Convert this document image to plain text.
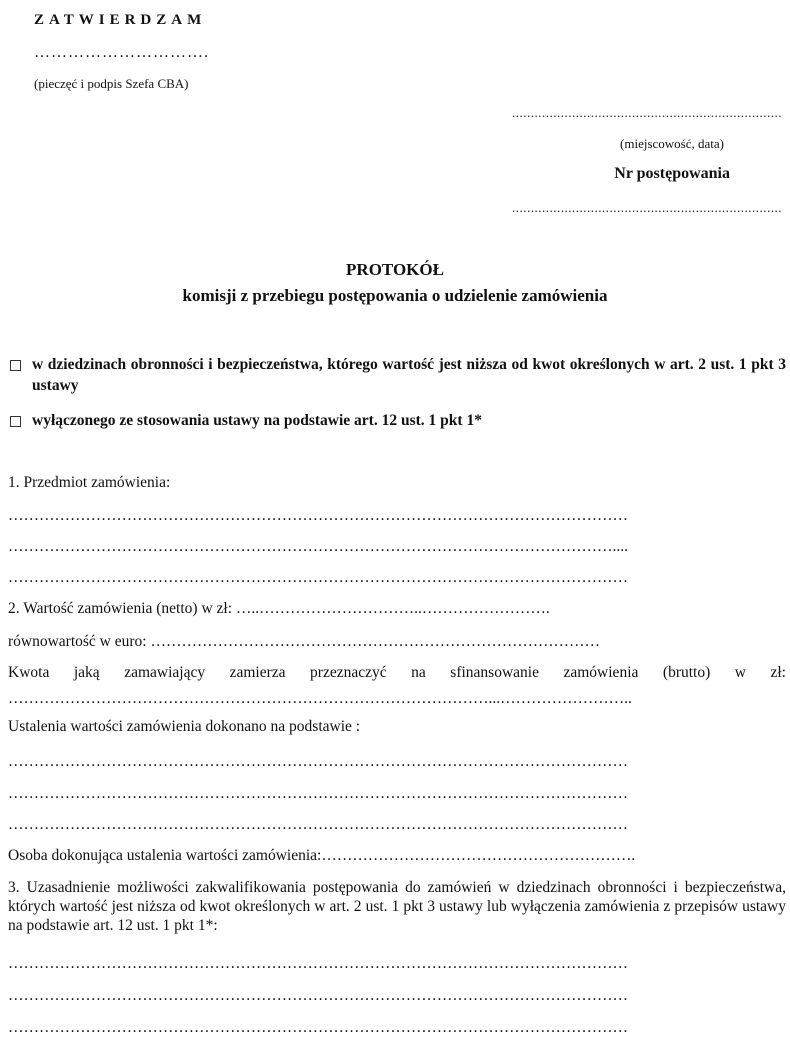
ZATWIERDZAM
………………………….
(pieczęć i podpis Szefa CBA)
........................................................................
(miejscowość, data)
Nr postępowania
........................................................................
PROTOKÓŁ
komisji z przebiegu postępowania o udzielenie zamówienia
w dziedzinach obronności i bezpieczeństwa, którego wartość jest niższa od kwot określonych w art. 2 ust. 1 pkt 3 ustawy
wyłączonego ze stosowania ustawy na podstawie art. 12 ust. 1 pkt 1*
1. Przedmiot zamówienia:
…………………………………………………………………………………………………………
………………………………………………………………………………………………………....
…………………………………………………………………………………………………………
2. Wartość zamówienia (netto) w zł: …..…………………………..…………………….
równowartość w euro: ……………………………………………………………………………
Kwota jaką zamawiający zamierza przeznaczyć na sfinansowanie zamówienia (brutto) w zł:
…………………………………………………………………………………...……………………..
Ustalenia wartości zamówienia dokonano na podstawie :
…………………………………………………………………………………………………………
…………………………………………………………………………………………………………
…………………………………………………………………………………………………………
Osoba dokonująca ustalenia wartości zamówienia:…………………………………………………….
3. Uzasadnienie możliwości zakwalifikowania postępowania do zamówień w dziedzinach obronności i bezpieczeństwa, których wartość jest niższa od kwot określonych w art. 2 ust. 1 pkt 3 ustawy lub wyłączenia zamówienia z przepisów ustawy na podstawie art. 12 ust. 1 pkt 1*:
…………………………………………………………………………………………………………
…………………………………………………………………………………………………………
…………………………………………………………………………………………………………
